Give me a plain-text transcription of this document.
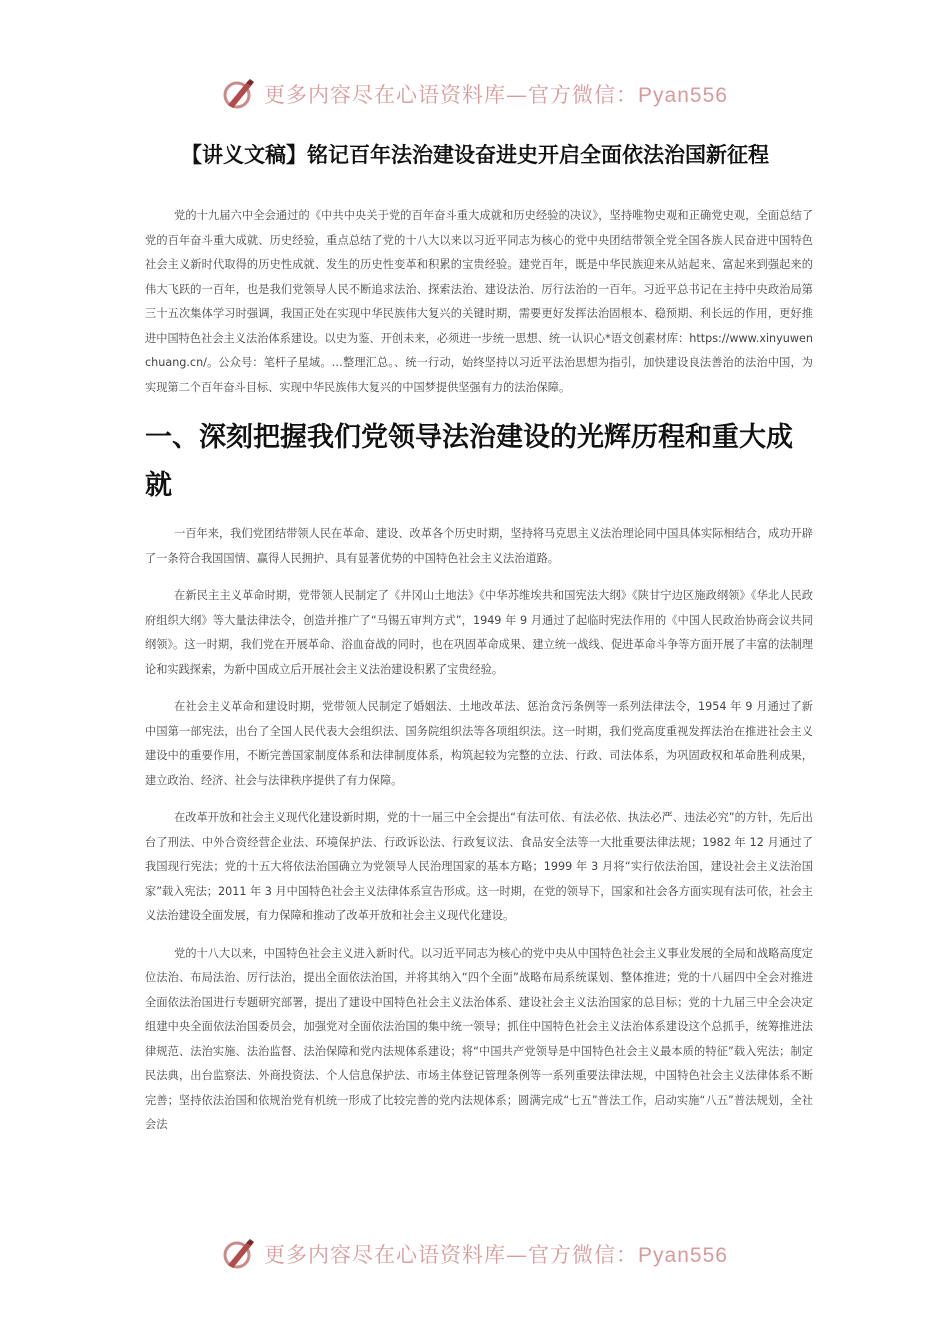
更多内容尽在心语资料库—官方微信：Pyan556
【讲义文稿】铭记百年法治建设奋进史开启全面依法治国新征程

党的十九届六中全会通过的《中共中央关于党的百年奋斗重大成就和历史经验的决议》，坚持唯物史观和正确党史观，全面总结了党的百年奋斗重大成就、历史经验，重点总结了党的十八大以来以习近平同志为核心的党中央团结带领全党全国各族人民奋进中国特色社会主义新时代取得的历史性成就、发生的历史性变革和积累的宝贵经验。建党百年，既是中华民族迎来从站起来、富起来到强起来的伟大飞跃的一百年，也是我们党领导人民不断追求法治、探索法治、建设法治、厉行法治的一百年。习近平总书记在主持中央政治局第三十五次集体学习时强调，我国正处在实现中华民族伟大复兴的关键时期，需要更好发挥法治固根本、稳预期、利长远的作用，更好推进中国特色社会主义法治体系建设。以史为鉴、开创未来，必须进一步统一思想、统一认识心*语文创素材库：https://www.xinyuwenchuang.cn/。公众号：笔杆子星域。…整理汇总。、统一行动，始终坚持以习近平法治思想为指引，加快建设良法善治的法治中国，为实现第二个百年奋斗目标、实现中华民族伟大复兴的中国梦提供坚强有力的法治保障。

一、深刻把握我们党领导法治建设的光辉历程和重大成就

一百年来，我们党团结带领人民在革命、建设、改革各个历史时期，坚持将马克思主义法治理论同中国具体实际相结合，成功开辟了一条符合我国国情、赢得人民拥护、具有显著优势的中国特色社会主义法治道路。

在新民主主义革命时期，党带领人民制定了《井冈山土地法》《中华苏维埃共和国宪法大纲》《陕甘宁边区施政纲领》《华北人民政府组织大纲》等大量法律法令，创造并推广了“马锡五审判方式”，1949 年 9 月通过了起临时宪法作用的《中国人民政治协商会议共同纲领》。这一时期，我们党在开展革命、浴血奋战的同时，也在巩固革命成果、建立统一战线、促进革命斗争等方面开展了丰富的法制理论和实践探索，为新中国成立后开展社会主义法治建设积累了宝贵经验。

在社会主义革命和建设时期，党带领人民制定了婚姻法、土地改革法、惩治贪污条例等一系列法律法令，1954 年 9 月通过了新中国第一部宪法，出台了全国人民代表大会组织法、国务院组织法等各项组织法。这一时期，我们党高度重视发挥法治在推进社会主义建设中的重要作用，不断完善国家制度体系和法律制度体系，构筑起较为完整的立法、行政、司法体系，为巩固政权和革命胜利成果，建立政治、经济、社会与法律秩序提供了有力保障。

在改革开放和社会主义现代化建设新时期，党的十一届三中全会提出“有法可依、有法必依、执法必严、违法必究”的方针，先后出台了刑法、中外合资经营企业法、环境保护法、行政诉讼法、行政复议法、食品安全法等一大批重要法律法规；1982 年 12 月通过了我国现行宪法；党的十五大将依法治国确立为党领导人民治理国家的基本方略；1999 年 3 月将“实行依法治国，建设社会主义法治国家”载入宪法；2011 年 3 月中国特色社会主义法律体系宣告形成。这一时期，在党的领导下，国家和社会各方面实现有法可依，社会主义法治建设全面发展，有力保障和推动了改革开放和社会主义现代化建设。

党的十八大以来，中国特色社会主义进入新时代。以习近平同志为核心的党中央从中国特色社会主义事业发展的全局和战略高度定位法治、布局法治、厉行法治，提出全面依法治国，并将其纳入“四个全面”战略布局系统谋划、整体推进；党的十八届四中全会对推进全面依法治国进行专题研究部署，提出了建设中国特色社会主义法治体系、建设社会主义法治国家的总目标；党的十九届三中全会决定组建中央全面依法治国委员会，加强党对全面依法治国的集中统一领导；抓住中国特色社会主义法治体系建设这个总抓手，统筹推进法律规范、法治实施、法治监督、法治保障和党内法规体系建设；将“中国共产党领导是中国特色社会主义最本质的特征”载入宪法；制定民法典，出台监察法、外商投资法、个人信息保护法、市场主体登记管理条例等一系列重要法律法规，中国特色社会主义法律体系不断完善；坚持依法治国和依规治党有机统一形成了比较完善的党内法规体系；圆满完成“七五”普法工作，启动实施“八五”普法规划，全社会法

更多内容尽在心语资料库—官方微信：Pyan556
